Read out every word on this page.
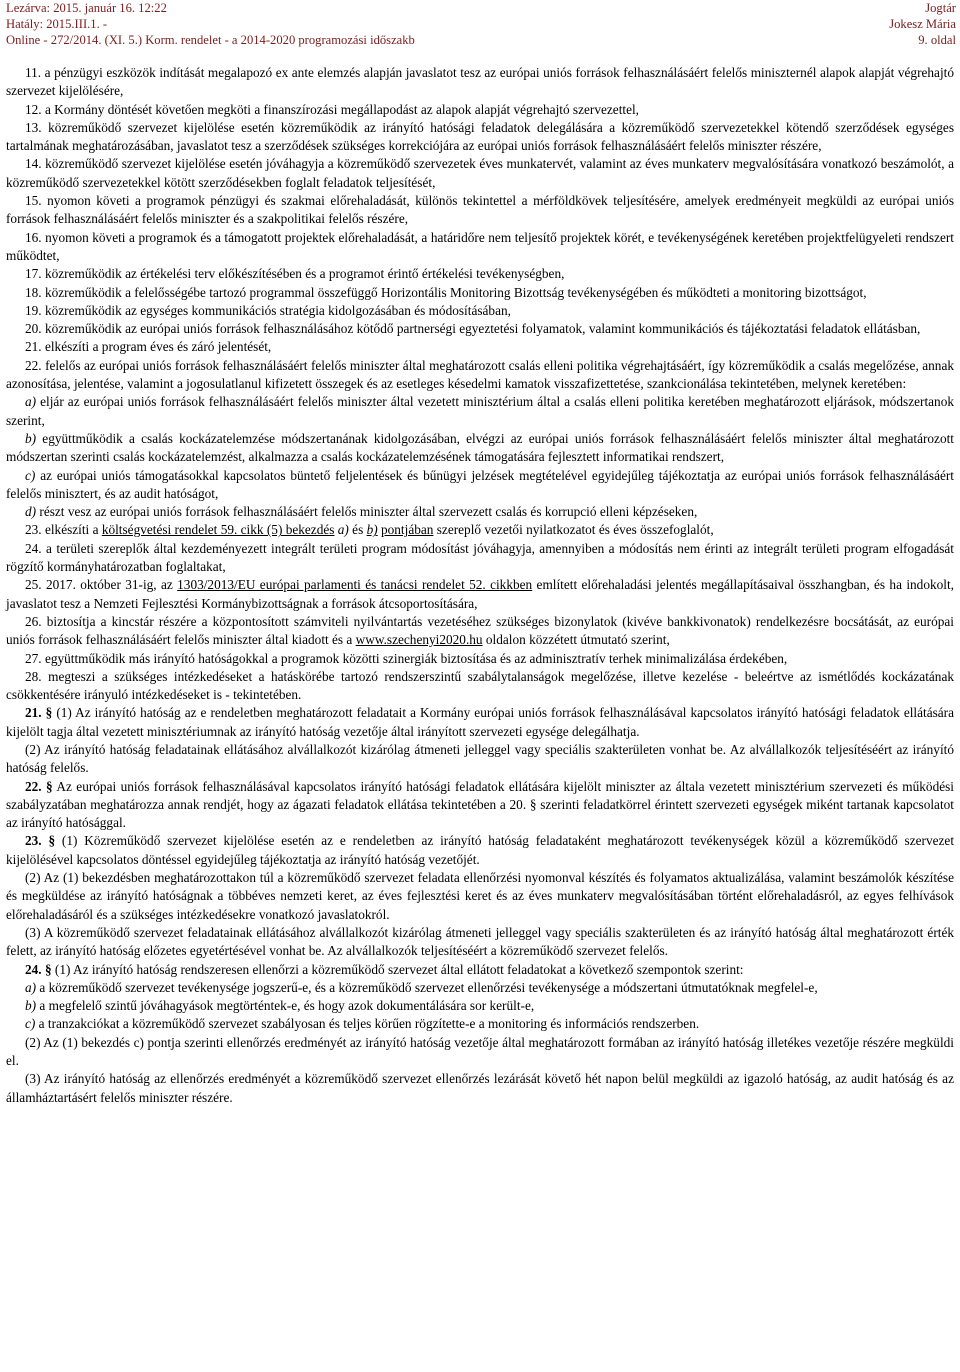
Lezárva: 2015. január 16. 12:22
Hatály: 2015.III.1. -
Online - 272/2014. (XI. 5.) Korm. rendelet - a 2014-2020 programozási időszakb
Jogtár
Jokesz Mária
9. oldal

11. a pénzügyi eszközök indítását megalapozó ex ante elemzés alapján javaslatot tesz az európai uniós források felhasználásáért felelős miniszternél alapok alapját végrehajtó szervezet kijelölésére,

12. a Kormány döntését követően megköti a finanszírozási megállapodást az alapok alapját végrehajtó szervezettel,

13. közreműködő szervezet kijelölése esetén közreműködik az irányító hatósági feladatok delegálására a közreműködő szervezetekkel kötendő szerződések egységes tartalmának meghatározásában, javaslatot tesz a szerződések szükséges korrekciójára az európai uniós források felhasználásáért felelős miniszter részére,

14. közreműködő szervezet kijelölése esetén jóváhagyja a közreműködő szervezetek éves munkatervét, valamint az éves munkaterv megvalósítására vonatkozó beszámolót, a közreműködő szervezetekkel kötött szerződésekben foglalt feladatok teljesítését,

15. nyomon követi a programok pénzügyi és szakmai előrehaladását, különös tekintettel a mérföldkövek teljesítésére, amelyek eredményeit megküldi az európai uniós források felhasználásáért felelős miniszter és a szakpolitikai felelős részére,

16. nyomon követi a programok és a támogatott projektek előrehaladását, a határidőre nem teljesítő projektek körét, e tevékenységének keretében projektfelügyeleti rendszert működtet,

17. közreműködik az értékelési terv előkészítésében és a programot érintő értékelési tevékenységben,

18. közreműködik a felelősségébe tartozó programmal összefüggő Horizontális Monitoring Bizottság tevékenységében és működteti a monitoring bizottságot,

19. közreműködik az egységes kommunikációs stratégia kidolgozásában és módosításában,

20. közreműködik az európai uniós források felhasználásához kötődő partnerségi egyeztetési folyamatok, valamint kommunikációs és tájékoztatási feladatok ellátásban,

21. elkészíti a program éves és záró jelentését,

22. felelős az európai uniós források felhasználásáért felelős miniszter által meghatározott csalás elleni politika végrehajtásáért, így közreműködik a csalás megelőzése, annak azonosítása, jelentése, valamint a jogosulatlanul kifizetett összegek és az esetleges késedelmi kamatok visszafizettetése, szankcionálása tekintetében, melynek keretében:

a) eljár az európai uniós források felhasználásáért felelős miniszter által vezetett minisztérium által a csalás elleni politika keretében meghatározott eljárások, módszertanok szerint,

b) együttműködik a csalás kockázatelemzése módszertanának kidolgozásában, elvégzi az európai uniós források felhasználásáért felelős miniszter által meghatározott módszertan szerinti csalás kockázatelemzést, alkalmazza a csalás kockázatelemzésének támogatására fejlesztett informatikai rendszert,

c) az európai uniós támogatásokkal kapcsolatos büntető feljelentések és bűnügyi jelzések megtételével egyidejűleg tájékoztatja az európai uniós források felhasználásáért felelős minisztert, és az audit hatóságot,

d) részt vesz az európai uniós források felhasználásáért felelős miniszter által szervezett csalás és korrupció elleni képzéseken,

23. elkészíti a költségvetési rendelet 59. cikk (5) bekezdés a) és b) pontjában szereplő vezetői nyilatkozatot és éves összefoglalót,

24. a területi szereplők által kezdeményezett integrált területi program módosítást jóváhagyja, amennyiben a módosítás nem érinti az integrált területi program elfogadását rögzítő kormányhatározatban foglaltakat,

25. 2017. október 31-ig, az 1303/2013/EU európai parlamenti és tanácsi rendelet 52. cikkben említett előrehaladási jelentés megállapításaival összhangban, és ha indokolt, javaslatot tesz a Nemzeti Fejlesztési Kormánybizottságnak a források átcsoportosítására,

26. biztosítja a kincstár részére a központosított számviteli nyilvántartás vezetéséhez szükséges bizonylatok (kivéve bankkivonatok) rendelkezésre bocsátását, az európai uniós források felhasználásáért felelős miniszter által kiadott és a www.szechenyi2020.hu oldalon közzétett útmutató szerint,

27. együttműködik más irányító hatóságokkal a programok közötti szinergiák biztosítása és az adminisztratív terhek minimalizálása érdekében,

28. megteszi a szükséges intézkedéseket a hatáskörébe tartozó rendszerszintű szabálytalanságok megelőzése, illetve kezelése - beleértve az ismétlődés kockázatának csökkentésére irányuló intézkedéseket is - tekintetében.

21. § (1) Az irányító hatóság az e rendeletben meghatározott feladatait a Kormány európai uniós források felhasználásával kapcsolatos irányító hatósági feladatok ellátására kijelölt tagja által vezetett minisztériumnak az irányító hatóság vezetője által irányított szervezeti egysége delegálhatja.

(2) Az irányító hatóság feladatainak ellátásához alvállalkozót kizárólag átmeneti jelleggel vagy speciális szakterületen vonhat be. Az alvállalkozók teljesítéséért az irányító hatóság felelős.

22. § Az európai uniós források felhasználásával kapcsolatos irányító hatósági feladatok ellátására kijelölt miniszter az általa vezetett minisztérium szervezeti és működési szabályzatában meghatározza annak rendjét, hogy az ágazati feladatok ellátása tekintetében a 20. § szerinti feladatkörrel érintett szervezeti egységek miként tartanak kapcsolatot az irányító hatósággal.

23. § (1) Közreműködő szervezet kijelölése esetén az e rendeletben az irányító hatóság feladataként meghatározott tevékenységek közül a közreműködő szervezet kijelölésével kapcsolatos döntéssel egyidejűleg tájékoztatja az irányító hatóság vezetőjét.

(2) Az (1) bekezdésben meghatározottakon túl a közreműködő szervezet feladata ellenőrzési nyomonval készítés és folyamatos aktualizálása, valamint beszámolók készítése és megküldése az irányító hatóságnak a többéves nemzeti keret, az éves fejlesztési keret és az éves munkaterv megvalósításában történt előrehaladásról, az egyes felhívások előrehaladásáról és a szükséges intézkedésekre vonatkozó javaslatokról.

(3) A közreműködő szervezet feladatainak ellátásához alvállalkozót kizárólag átmeneti jelleggel vagy speciális szakterületen és az irányító hatóság által meghatározott érték felett, az irányító hatóság előzetes egyetértésével vonhat be. Az alvállalkozók teljesítéséért a közreműködő szervezet felelős.

24. § (1) Az irányító hatóság rendszeresen ellenőrzi a közreműködő szervezet által ellátott feladatokat a következő szempontok szerint:

a) a közreműködő szervezet tevékenysége jogszerű-e, és a közreműködő szervezet ellenőrzési tevékenysége a módszertani útmutatóknak megfelel-e,

b) a megfelelő szintű jóváhagyások megtörténtek-e, és hogy azok dokumentálására sor került-e,

c) a tranzakciókat a közreműködő szervezet szabályosan és teljes körűen rögzítette-e a monitoring és információs rendszerben.

(2) Az (1) bekezdés c) pontja szerinti ellenőrzés eredményét az irányító hatóság vezetője által meghatározott formában az irányító hatóság illetékes vezetője részére megküldi el.

(3) Az irányító hatóság az ellenőrzés eredményét a közreműködő szervezet ellenőrzés lezárását követő hét napon belül megküldi az igazoló hatóság, az audit hatóság és az államháztartásért felelős miniszter részére.
